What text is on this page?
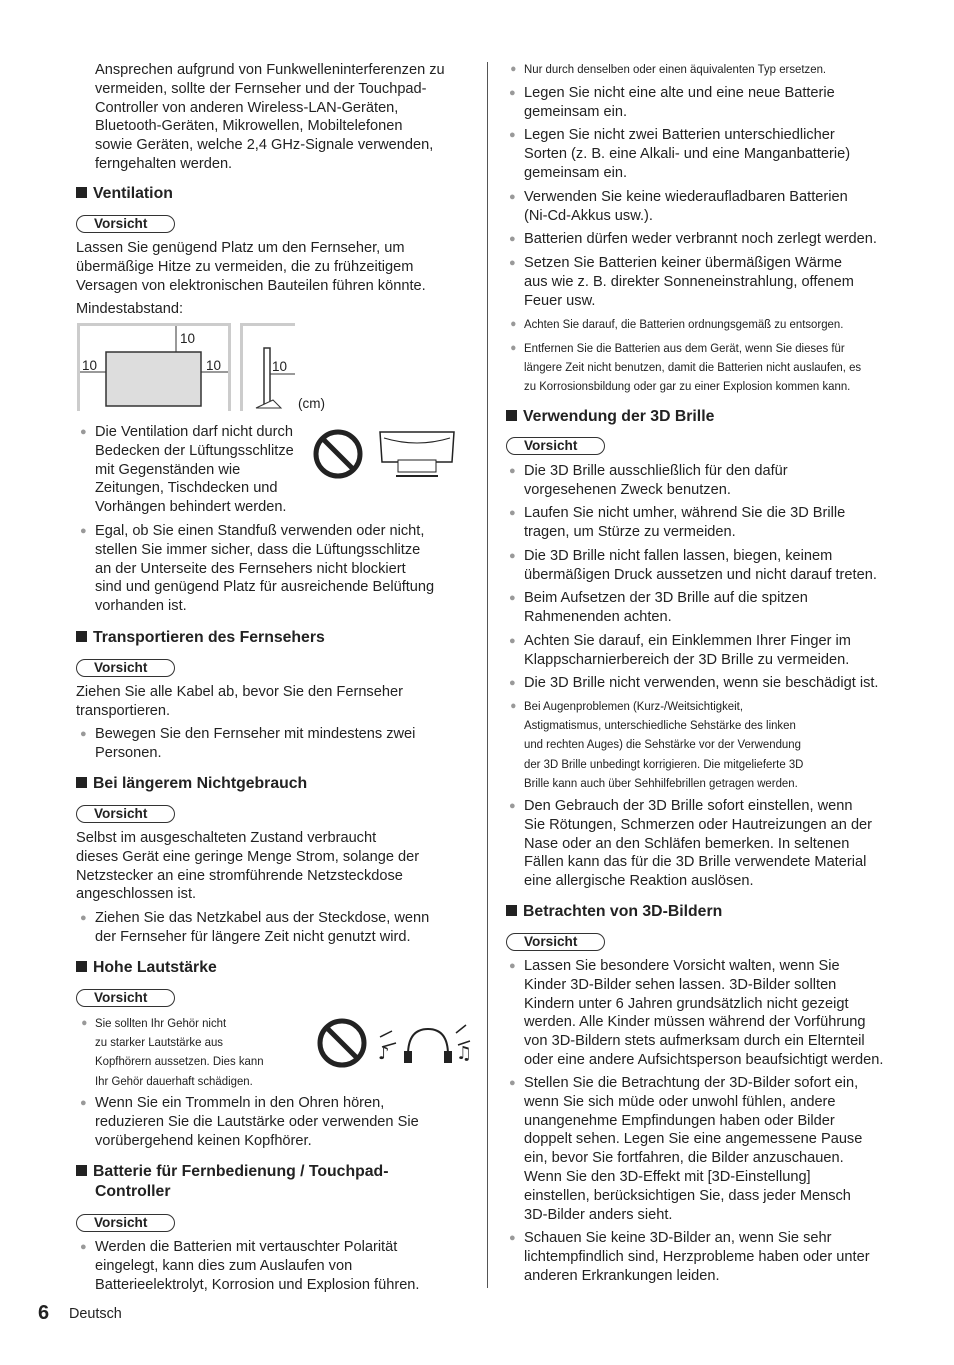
Ansprechen aufgrund von Funkwelleninterferenzen zu
vermeiden, sollte der Fernseher und der Touchpad-
Controller von anderen Wireless-LAN-Geräten,
Bluetooth-Geräten, Mikrowellen, Mobiltelefonen
sowie Geräten, welche 2,4 GHz-Signale verwenden,
ferngehalten werden.
Ventilation
Vorsicht
Lassen Sie genügend Platz um den Fernseher, um
übermäßige Hitze zu vermeiden, die zu frühzeitigem
Versagen von elektronischen Bauteilen führen könnte.
Mindestabstand:
10
10	10	10
(cm)
● Die Ventilation darf nicht durch
Bedecken der Lüftungsschlitze
mit Gegenständen wie
Zeitungen, Tischdecken und
Vorhängen behindert werden.
● Egal, ob Sie einen Standfuß verwenden oder nicht,
stellen Sie immer sicher, dass die Lüftungsschlitze
an der Unterseite des Fernsehers nicht blockiert
sind und genügend Platz für ausreichende Belüftung
vorhanden ist.
Transportieren des Fernsehers
Vorsicht
Ziehen Sie alle Kabel ab, bevor Sie den Fernseher
transportieren.
● Bewegen Sie den Fernseher mit mindestens zwei
Personen.
Bei längerem Nichtgebrauch
Vorsicht
Selbst im ausgeschalteten Zustand verbraucht
dieses Gerät eine geringe Menge Strom, solange der
Netzstecker an eine stromführende Netzsteckdose
angeschlossen ist.
● Ziehen Sie das Netzkabel aus der Steckdose, wenn
der Fernseher für längere Zeit nicht genutzt wird.
Hohe Lautstärke
Vorsicht
● Sie sollten Ihr Gehör nicht
zu starker Lautstärke aus
Kopfhörern aussetzen. Dies kann
Ihr Gehör dauerhaft schädigen.
♪	♫
● Wenn Sie ein Trommeln in den Ohren hören,
reduzieren Sie die Lautstärke oder verwenden Sie
vorübergehend keinen Kopfhörer.
Batterie für Fernbedienung / Touchpad-
Controller
Vorsicht
● Werden die Batterien mit vertauschter Polarität
eingelegt, kann dies zum Auslaufen von
Batterieelektrolyt, Korrosion und Explosion führen.
● Nur durch denselben oder einen äquivalenten Typ ersetzen.
● Legen Sie nicht eine alte und eine neue Batterie
gemeinsam ein.
● Legen Sie nicht zwei Batterien unterschiedlicher
Sorten (z. B. eine Alkali- und eine Manganbatterie)
gemeinsam ein.
● Verwenden Sie keine wiederaufladbaren Batterien
(Ni-Cd-Akkus usw.).
● Batterien dürfen weder verbrannt noch zerlegt werden.
● Setzen Sie Batterien keiner übermäßigen Wärme
aus wie z. B. direkter Sonneneinstrahlung, offenem
Feuer usw.
● Achten Sie darauf, die Batterien ordnungsgemäß zu entsorgen.
● Entfernen Sie die Batterien aus dem Gerät, wenn Sie dieses für
längere Zeit nicht benutzen, damit die Batterien nicht auslaufen, es
zu Korrosionsbildung oder gar zu einer Explosion kommen kann.
Verwendung der 3D Brille
Vorsicht
● Die 3D Brille ausschließlich für den dafür
vorgesehenen Zweck benutzen.
● Laufen Sie nicht umher, während Sie die 3D Brille
tragen, um Stürze zu vermeiden.
● Die 3D Brille nicht fallen lassen, biegen, keinem
übermäßigen Druck aussetzen und nicht darauf treten.
● Beim Aufsetzen der 3D Brille auf die spitzen
Rahmenenden achten.
● Achten Sie darauf, ein Einklemmen Ihrer Finger im
Klappscharnierbereich der 3D Brille zu vermeiden.
● Die 3D Brille nicht verwenden, wenn sie beschädigt ist.
● Bei Augenproblemen (Kurz-/Weitsichtigkeit,
Astigmatismus, unterschiedliche Sehstärke des linken
und rechten Auges) die Sehstärke vor der Verwendung
der 3D Brille unbedingt korrigieren. Die mitgelieferte 3D
Brille kann auch über Sehhilfebrillen getragen werden.
● Den Gebrauch der 3D Brille sofort einstellen, wenn
Sie Rötungen, Schmerzen oder Hautreizungen an der
Nase oder an den Schläfen bemerken. In seltenen
Fällen kann das für die 3D Brille verwendete Material
eine allergische Reaktion auslösen.
Betrachten von 3D-Bildern
Vorsicht
● Lassen Sie besondere Vorsicht walten, wenn Sie
Kinder 3D-Bilder sehen lassen. 3D-Bilder sollten
Kindern unter 6 Jahren grundsätzlich nicht gezeigt
werden. Alle Kinder müssen während der Vorführung
von 3D-Bildern stets aufmerksam durch ein Elternteil
oder eine andere Aufsichtsperson beaufsichtigt werden.
● Stellen Sie die Betrachtung der 3D-Bilder sofort ein,
wenn Sie sich müde oder unwohl fühlen, andere
unangenehme Empfindungen haben oder Bilder
doppelt sehen. Legen Sie eine angemessene Pause
ein, bevor Sie fortfahren, die Bilder anzuschauen.
Wenn Sie den 3D-Effekt mit [3D-Einstellung]
einstellen, berücksichtigen Sie, dass jeder Mensch
3D-Bilder anders sieht.
● Schauen Sie keine 3D-Bilder an, wenn Sie sehr
lichtempfindlich sind, Herzprobleme haben oder unter
anderen Erkrankungen leiden.
6 Deutsch
